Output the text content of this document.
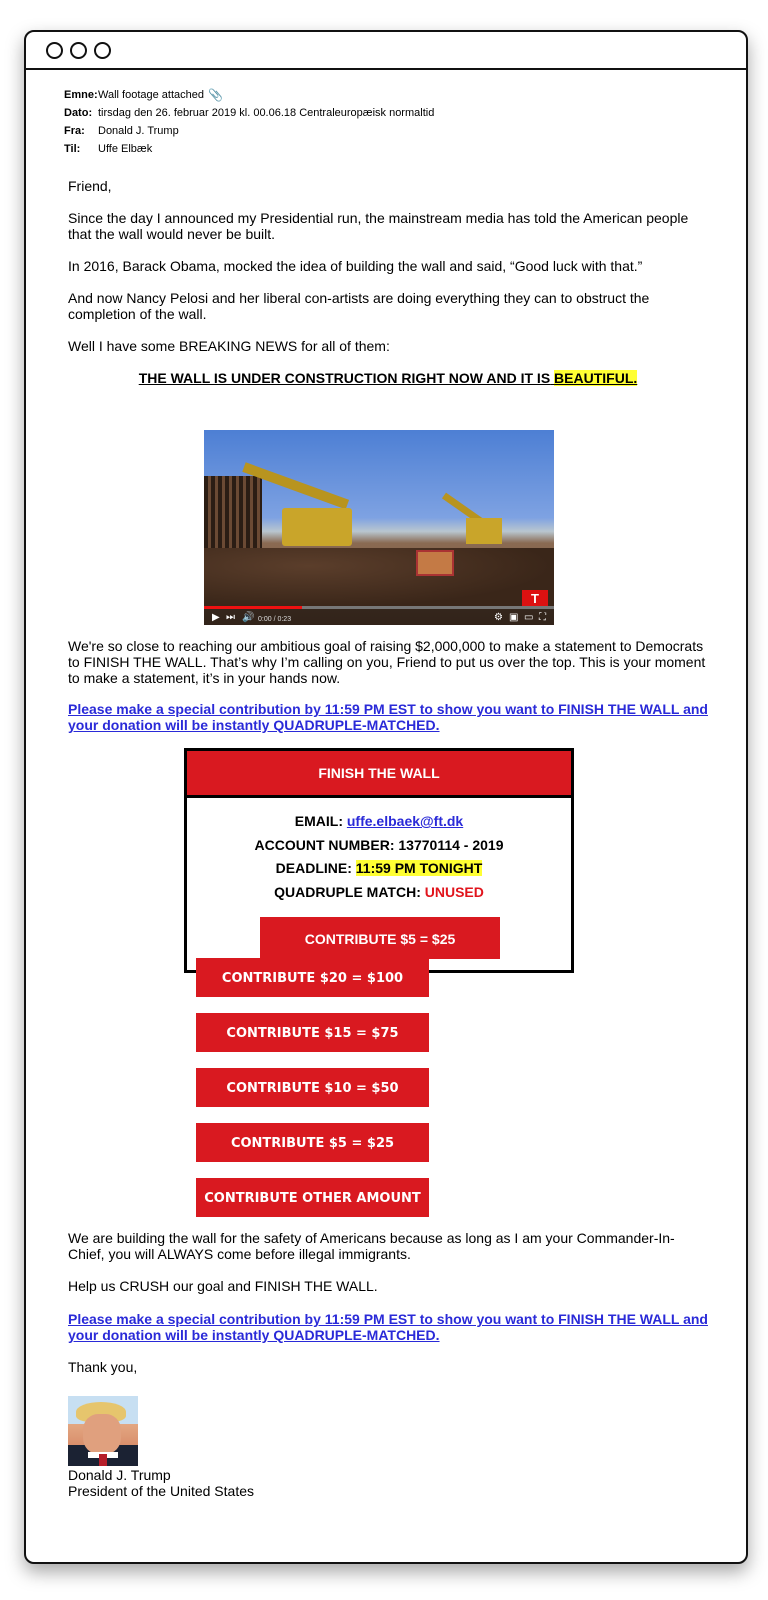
Emne: Wall footage attached 📎
Dato: tirsdag den 26. februar 2019 kl. 00.06.18 Centraleuropæisk normaltid
Fra:	Donald J. Trump
Til:	Uffe Elbæk

Friend,

Since the day I announced my Presidential run, the mainstream media has told the American people that the wall would never be built.

In 2016, Barack Obama, mocked the idea of building the wall and said, “Good luck with that.”

And now Nancy Pelosi and her liberal con-artists are doing everything they can to obstruct the completion of the wall.

Well I have some BREAKING NEWS for all of them:

THE WALL IS UNDER CONSTRUCTION RIGHT NOW AND IT IS BEAUTIFUL.

T
▶ ⏭ 🔊 0:00 / 0:23	⚙ ▣ ▭ ⛶

We're so close to reaching our ambitious goal of raising $2,000,000 to make a statement to Democrats to FINISH THE WALL. That’s why I’m calling on you, Friend to put us over the top. This is your moment to make a statement, it’s in your hands now.

Please make a special contribution by 11:59 PM EST to show you want to FINISH THE WALL and your donation will be instantly QUADRUPLE-MATCHED.

FINISH THE WALL
EMAIL: uffe.elbaek@ft.dk
ACCOUNT NUMBER: 13770114 - 2019
DEADLINE: 11:59 PM TONIGHT
QUADRUPLE MATCH: UNUSED
CONTRIBUTE $5 = $25
CONTRIBUTE $20 = $100
CONTRIBUTE $15 = $75
CONTRIBUTE $10 = $50
CONTRIBUTE $5 = $25
CONTRIBUTE OTHER AMOUNT

We are building the wall for the safety of Americans because as long as I am your Commander-In-Chief, you will ALWAYS come before illegal immigrants.

Help us CRUSH our goal and FINISH THE WALL.

Please make a special contribution by 11:59 PM EST to show you want to FINISH THE WALL and your donation will be instantly QUADRUPLE-MATCHED.

Thank you,

Donald J. Trump

President of the United States
